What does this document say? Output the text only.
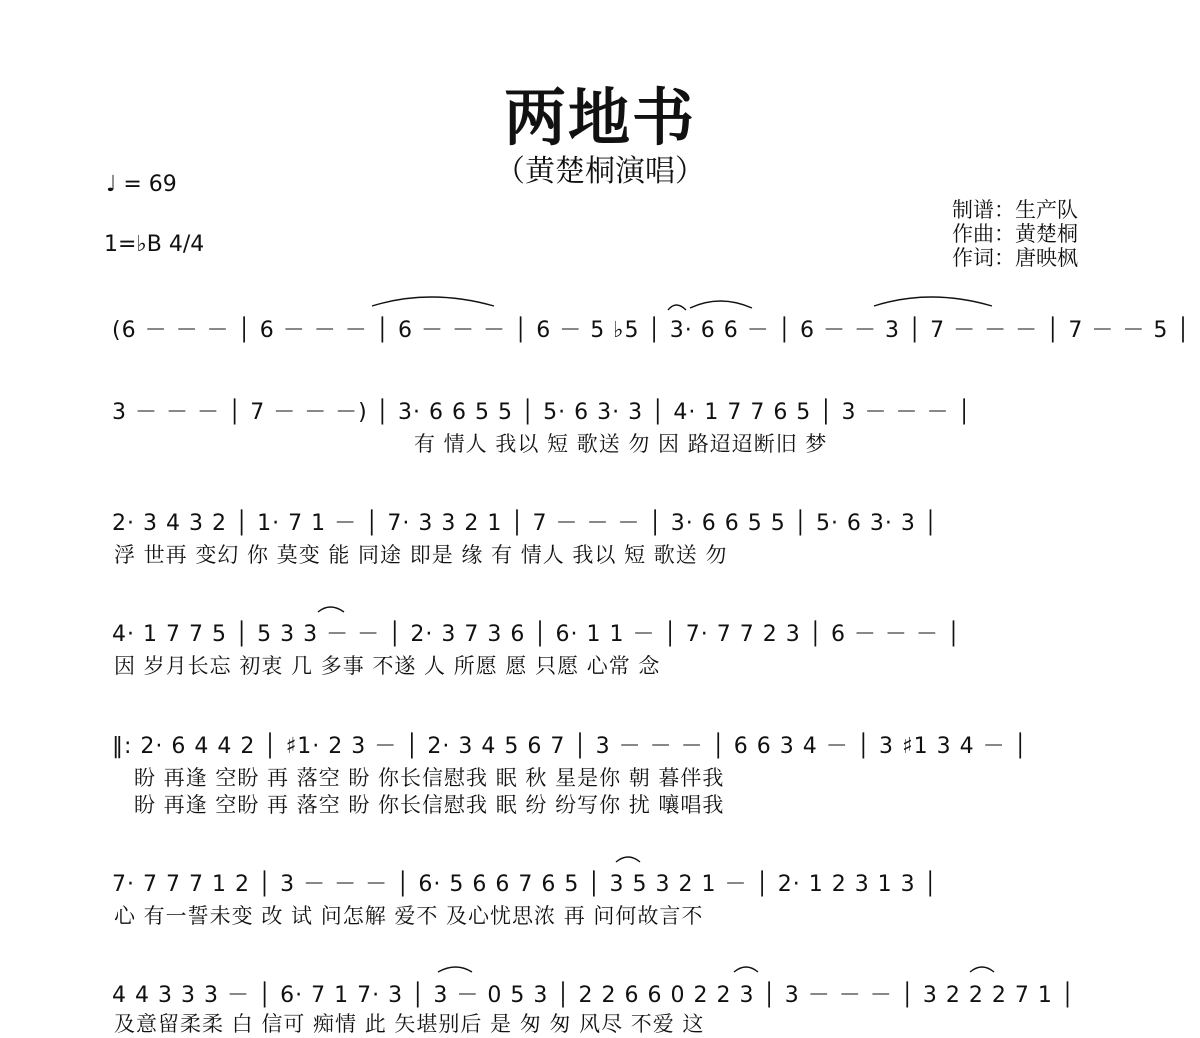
两地书
（黄楚桐演唱）
♩ = 69
1=♭B 4/4
制谱：生产队
作曲：黄楚桐
作词：唐映枫
(6 － － － │ 6 － － － │ 6 － － － │ 6 － 5 ♭5 │ 3· 6 6 － │ 6 － － 3 │ 7 － － － │ 7 － － 5 │
3 － － － │ 7 － － －) │ 3· 6 6 5 5 │ 5· 6 3· 3 │ 4· 1 7 7 6 5 │ 3 － － － │
有 情人 我以 短 歌送 勿 因 路迢迢断旧 梦
2· 3 4 3 2 │ 1· 7 1 － │ 7· 3 3 2 1 │ 7 － － － │ 3· 6 6 5 5 │ 5· 6 3· 3 │
浮 世再 变幻 你 莫变 能 同途 即是 缘 有 情人 我以 短 歌送 勿
4· 1 7 7 5 │ 5 3 3 － － │ 2· 3 7 3 6 │ 6· 1 1 － │ 7· 7 7 2 3 │ 6 － － － │
因 岁月长忘 初衷 几 多事 不遂 人 所愿 愿 只愿 心常 念
‖: 2· 6 4 4 2 │ ♯1· 2 3 － │ 2· 3 4 5 6 7 │ 3 － － － │ 6 6 3 4 － │ 3 ♯1 3 4 － │
盼 再逢 空盼 再 落空 盼 你长信慰我 眠 秋 星是你 朝 暮伴我
盼 再逢 空盼 再 落空 盼 你长信慰我 眠 纷 纷写你 扰 嚷唱我
7· 7 7 7 1 2 │ 3 － － － │ 6· 5 6 6 7 6 5 │ 3 5 3 2 1 － │ 2· 1 2 3 1 3 │
心 有一誓未变 改 试 问怎解 爱不 及心忧思浓 再 问何故言不
4 4 3 3 3 － │ 6· 7 1 7· 3 │ 3 － 0 5 3 │ 2 2 6 6 0 2 2 3 │ 3 － － － │ 3 2 2 2 7 1 │
及意留柔柔 白 信可 痴情 此 矢堪别后 是 匆 匆 风尽 不爱 这
